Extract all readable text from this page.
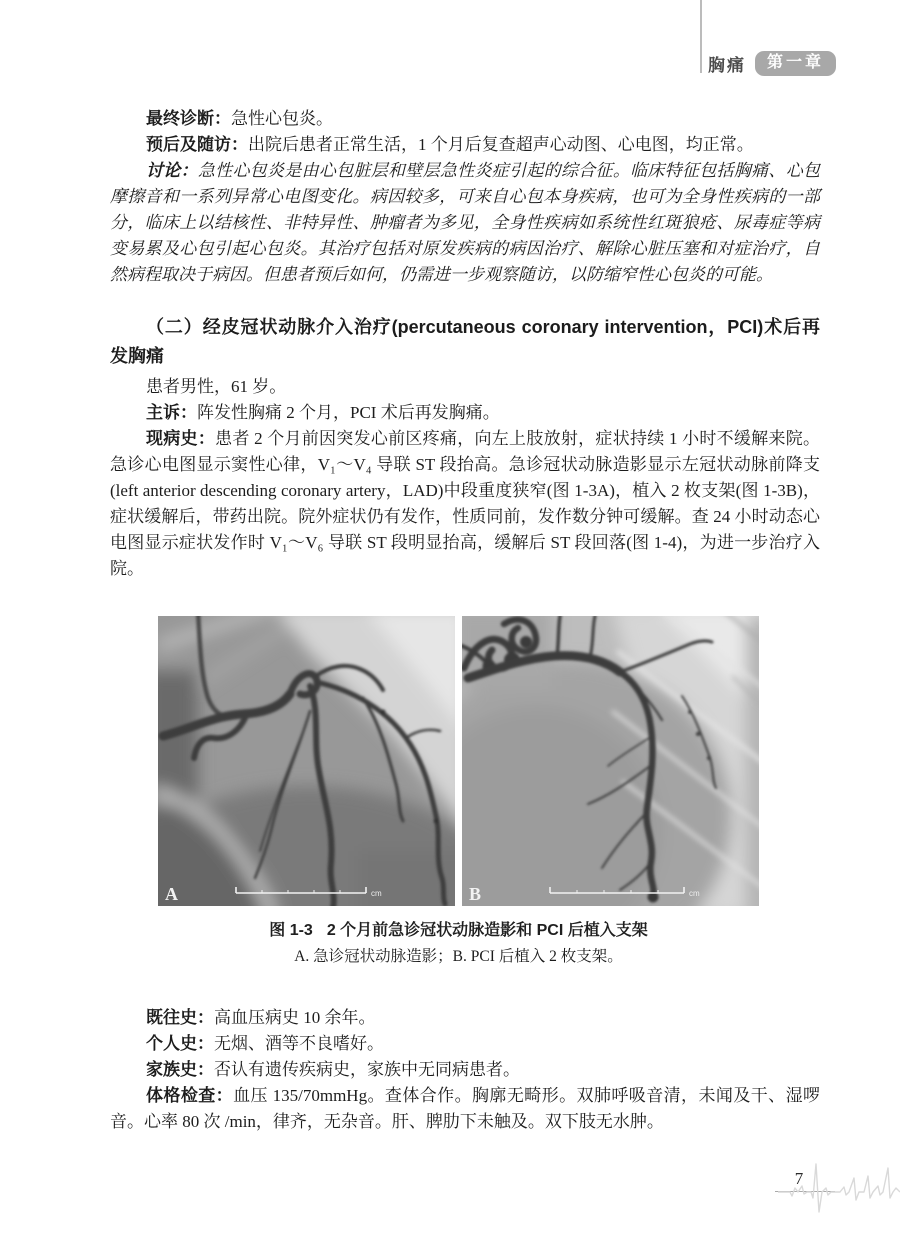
胸痛	第一章

最终诊断：急性心包炎。

预后及随访：出院后患者正常生活，1 个月后复查超声心动图、心电图，均正常。

讨论：急性心包炎是由心包脏层和壁层急性炎症引起的综合征。临床特征包括胸痛、心包摩擦音和一系列异常心电图变化。病因较多，可来自心包本身疾病，也可为全身性疾病的一部分，临床上以结核性、非特异性、肿瘤者为多见，全身性疾病如系统性红斑狼疮、尿毒症等病变易累及心包引起心包炎。其治疗包括对原发疾病的病因治疗、解除心脏压塞和对症治疗，自然病程取决于病因。但患者预后如何，仍需进一步观察随访，以防缩窄性心包炎的可能。

（二）经皮冠状动脉介入治疗(percutaneous coronary intervention，PCI)术后再发胸痛

患者男性，61 岁。

主诉：阵发性胸痛 2 个月，PCI 术后再发胸痛。

现病史：患者 2 个月前因突发心前区疼痛，向左上肢放射，症状持续 1 小时不缓解来院。急诊心电图显示窦性心律，V₁～V₄ 导联 ST 段抬高。急诊冠状动脉造影显示左冠状动脉前降支(left anterior descending coronary artery，LAD)中段重度狭窄(图 1-3A)，植入 2 枚支架(图 1-3B)，症状缓解后，带药出院。院外症状仍有发作，性质同前，发作数分钟可缓解。查 24 小时动态心电图显示症状发作时 V₁～V₆ 导联 ST 段明显抬高，缓解后 ST 段回落(图 1-4)，为进一步治疗入院。

cm
A	cm
B
图 1-3 2 个月前急诊冠状动脉造影和 PCI 后植入支架
A. 急诊冠状动脉造影；B. PCI 后植入 2 枚支架。

既往史：高血压病史 10 余年。

个人史：无烟、酒等不良嗜好。

家族史：否认有遗传疾病史，家族中无同病患者。

体格检查：血压 135/70mmHg。查体合作。胸廓无畸形。双肺呼吸音清，未闻及干、湿啰音。心率 80 次 /min，律齐，无杂音。肝、脾肋下未触及。双下肢无水肿。

7
